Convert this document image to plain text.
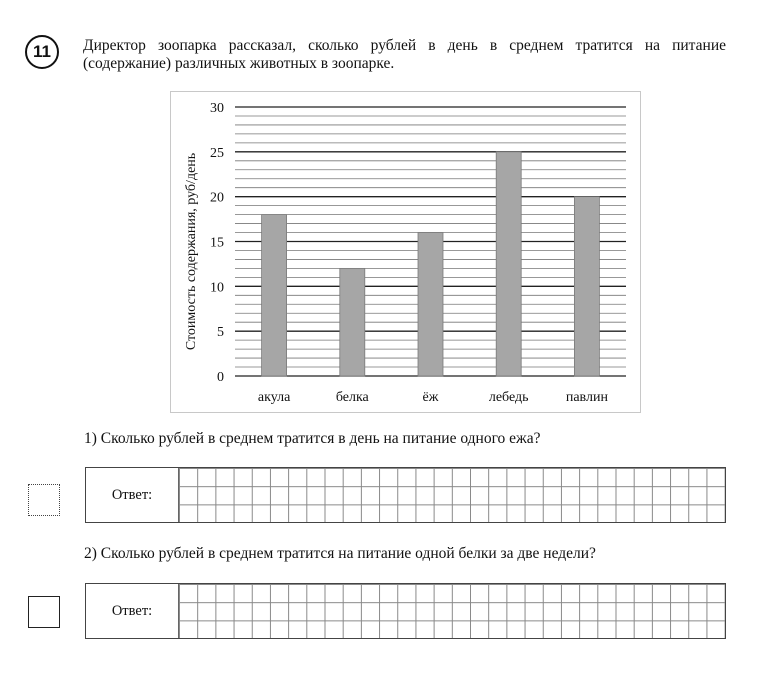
11	Директор зоопарка рассказал, сколько рублей в день в среднем тратится на питание (содержание) различных животных в зоопарке.
0
5
10
15
20
25
30
акула	белка	ёж	лебедь	павлин
Стоимость содержания, руб/день
1) Сколько рублей в среднем тратится в день на питание одного ежа?
Ответ:
2) Сколько рублей в среднем тратится на питание одной белки за две недели?
Ответ:
